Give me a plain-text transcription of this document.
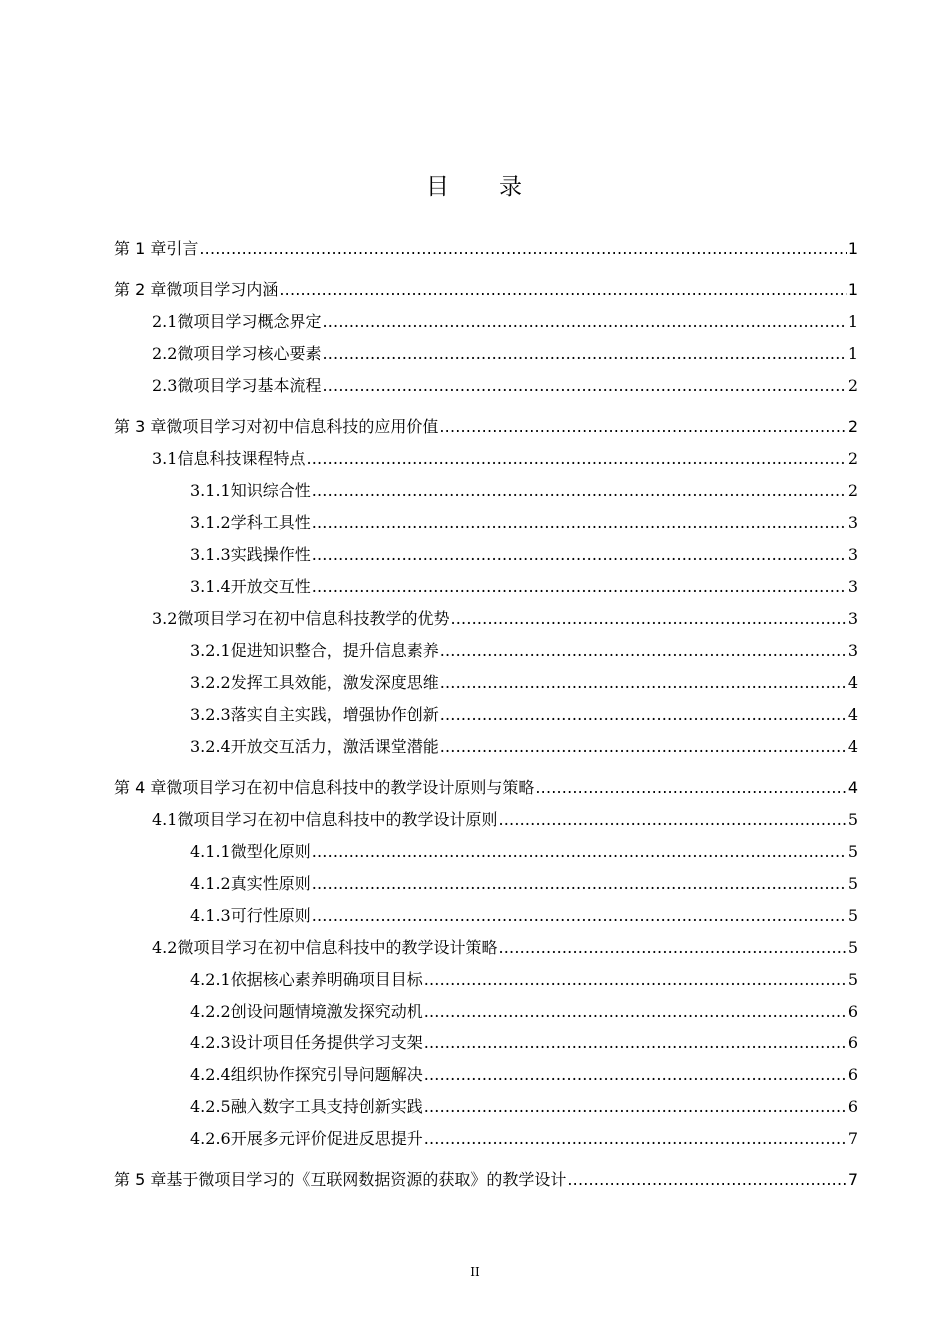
目 录
第 1 章 引言 .....	1
第 2 章 微项目学习内涵 .....	1
2.1 微项目学习概念界定 .....	1
2.2 微项目学习核心要素 .....	1
2.3 微项目学习基本流程 .....	2
第 3 章 微项目学习对初中信息科技的应用价值 .....	2
3.1 信息科技课程特点 .....	2
3.1.1 知识综合性 .....	2
3.1.2 学科工具性 .....	3
3.1.3 实践操作性 .....	3
3.1.4 开放交互性 .....	3
3.2 微项目学习在初中信息科技教学的优势 .....	3
3.2.1 促进知识整合，提升信息素养 .....	3
3.2.2 发挥工具效能，激发深度思维 .....	4
3.2.3 落实自主实践，增强协作创新 .....	4
3.2.4 开放交互活力，激活课堂潜能 .....	4
第 4 章 微项目学习在初中信息科技中的教学设计原则与策略 .....	4
4.1 微项目学习在初中信息科技中的教学设计原则 .....	5
4.1.1 微型化原则 .....	5
4.1.2 真实性原则 .....	5
4.1.3 可行性原则 .....	5
4.2 微项目学习在初中信息科技中的教学设计策略 .....	5
4.2.1 依据核心素养明确项目目标 .....	5
4.2.2 创设问题情境激发探究动机 .....	6
4.2.3 设计项目任务提供学习支架 .....	6
4.2.4 组织协作探究引导问题解决 .....	6
4.2.5 融入数字工具支持创新实践 .....	6
4.2.6 开展多元评价促进反思提升 .....	7
第 5 章 基于微项目学习的《互联网数据资源的获取》的教学设计 .....	7
II
